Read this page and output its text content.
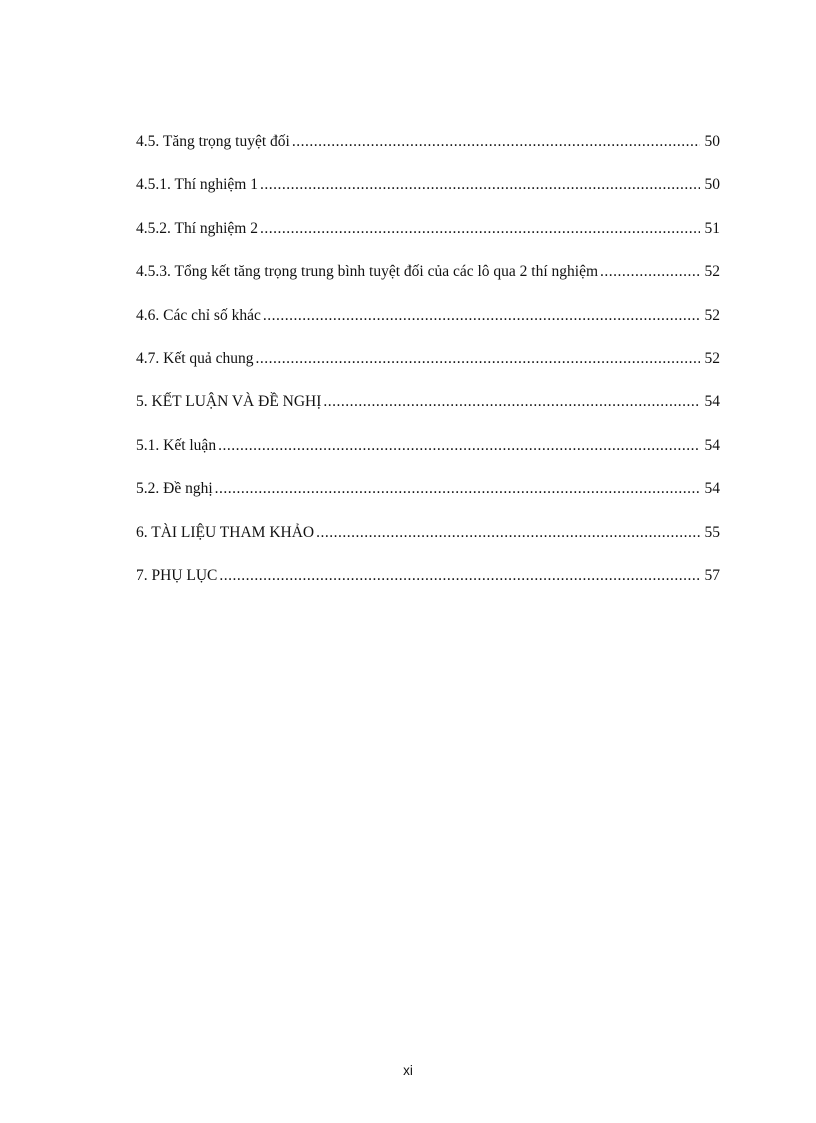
4.5. Tăng trọng tuyệt đối .....	50
4.5.1. Thí nghiệm 1 .....	50
4.5.2. Thí nghiệm 2 .....	51
4.5.3. Tổng kết tăng trọng trung bình tuyệt đối của các lô qua 2 thí nghiệm .....	52
4.6. Các chỉ số khác .....	52
4.7. Kết quả chung .....	52
5. KẾT LUẬN VÀ ĐỀ NGHỊ .....	54
5.1. Kết luận .....	54
5.2. Đề nghị .....	54
6. TÀI LIỆU THAM KHẢO .....	55
7. PHỤ LỤC .....	57
xi
